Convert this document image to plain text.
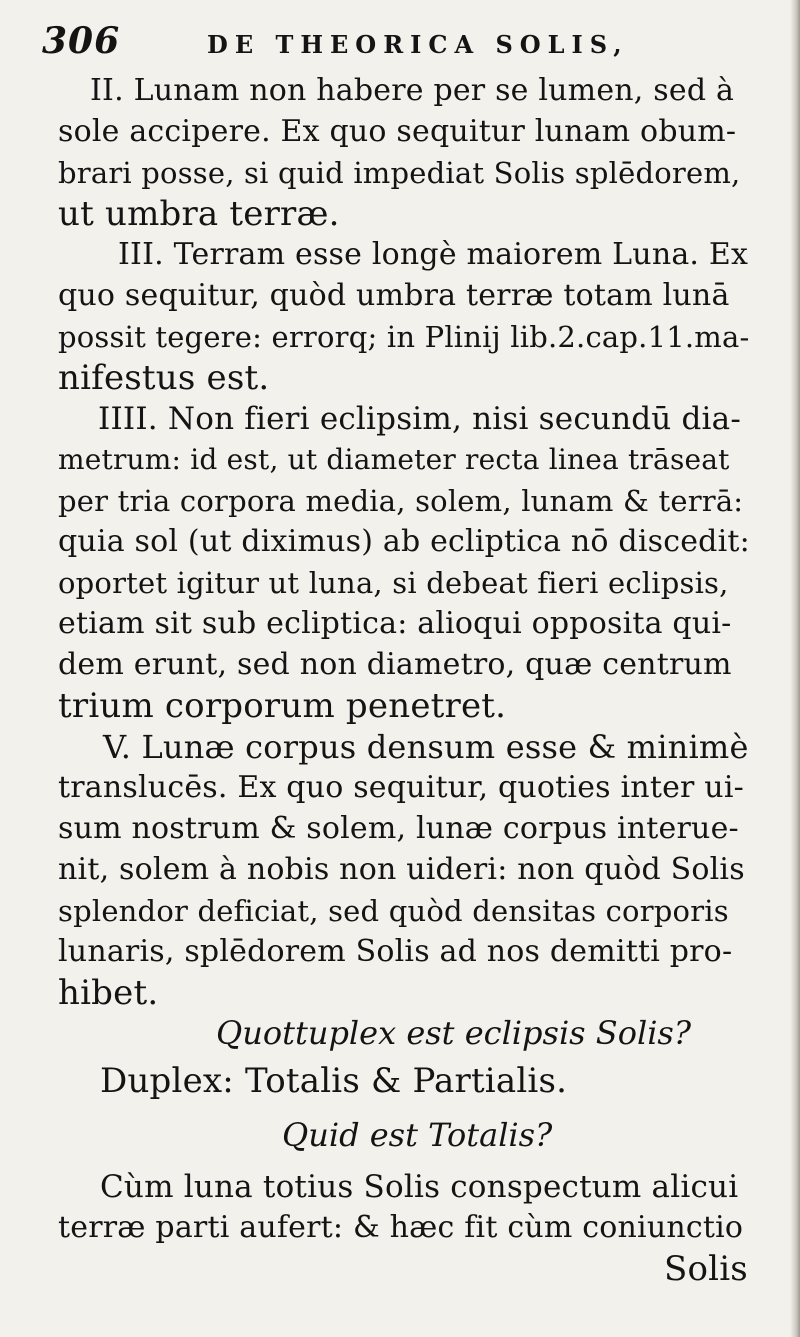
306	DE THEORICA SOLIS,
II. Lunam non habere per se lumen, sed à
sole accipere. Ex quo sequitur lunam obum-
brari posse, si quid impediat Solis splēdorem,
ut umbra terræ.
III. Terram esse longè maiorem Luna. Ex
quo sequitur, quòd umbra terræ totam lunā
possit tegere: errorq; in Plinij lib.2.cap.11.ma-
nifestus est.
IIII. Non fieri eclipsim, nisi secundū dia-
metrum: id est, ut diameter recta linea trāseat
per tria corpora media, solem, lunam & terrā:
quia sol (ut diximus) ab ecliptica nō discedit:
oportet igitur ut luna, si debeat fieri eclipsis,
etiam sit sub ecliptica: alioqui opposita qui-
dem erunt, sed non diametro, quæ centrum
trium corporum penetret.
V. Lunæ corpus densum esse & minimè
translucēs. Ex quo sequitur, quoties inter ui-
sum nostrum & solem, lunæ corpus interue-
nit, solem à nobis non uideri: non quòd Solis
splendor deficiat, sed quòd densitas corporis
lunaris, splēdorem Solis ad nos demitti pro-
hibet.
Quottuplex est eclipsis Solis?
Duplex: Totalis & Partialis.
Quid est Totalis?
Cùm luna totius Solis conspectum alicui
terræ parti aufert: & hæc fit cùm coniunctio
Solis
